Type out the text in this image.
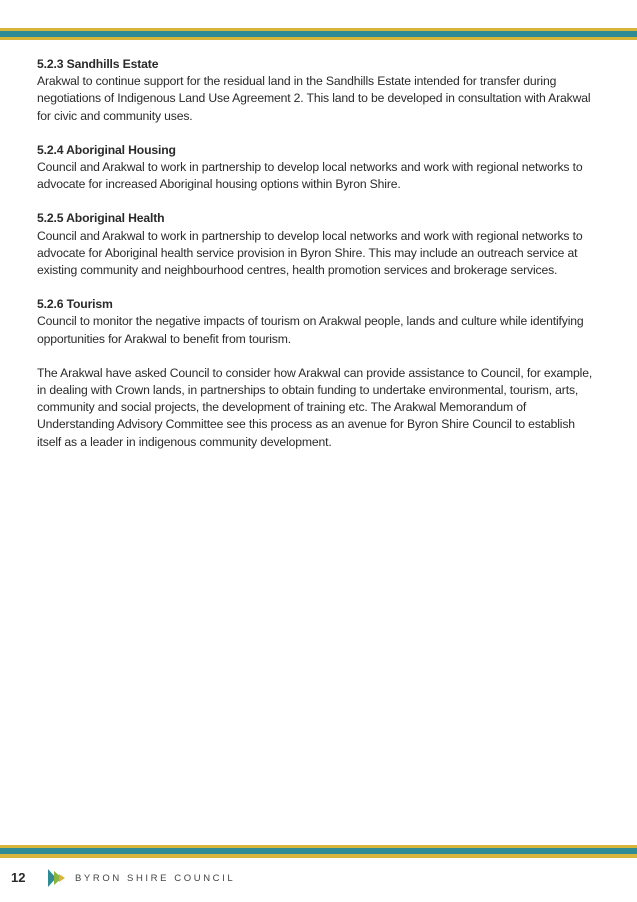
5.2.3 Sandhills Estate
Arakwal to continue support for the residual land in the Sandhills Estate intended for transfer during negotiations of Indigenous Land Use Agreement 2. This land to be developed in consultation with Arakwal for civic and community uses.
5.2.4 Aboriginal Housing
Council and Arakwal to work in partnership to develop local networks and work with regional networks to advocate for increased Aboriginal housing options within Byron Shire.
5.2.5 Aboriginal Health
Council and Arakwal to work in partnership to develop local networks and work with regional networks to advocate for Aboriginal health service provision in Byron Shire. This may include an outreach service at existing community and neighbourhood centres, health promotion services and brokerage services.
5.2.6 Tourism
Council to monitor the negative impacts of tourism on Arakwal people, lands and culture while identifying opportunities for Arakwal to benefit from tourism.
The Arakwal have asked Council to consider how Arakwal can provide assistance to Council, for example, in dealing with Crown lands, in partnerships to obtain funding to undertake environmental, tourism, arts, community and social projects, the development of training etc. The Arakwal Memorandum of Understanding Advisory Committee see this process as an avenue for Byron Shire Council to establish itself as a leader in indigenous community development.
12	BYRON SHIRE COUNCIL
